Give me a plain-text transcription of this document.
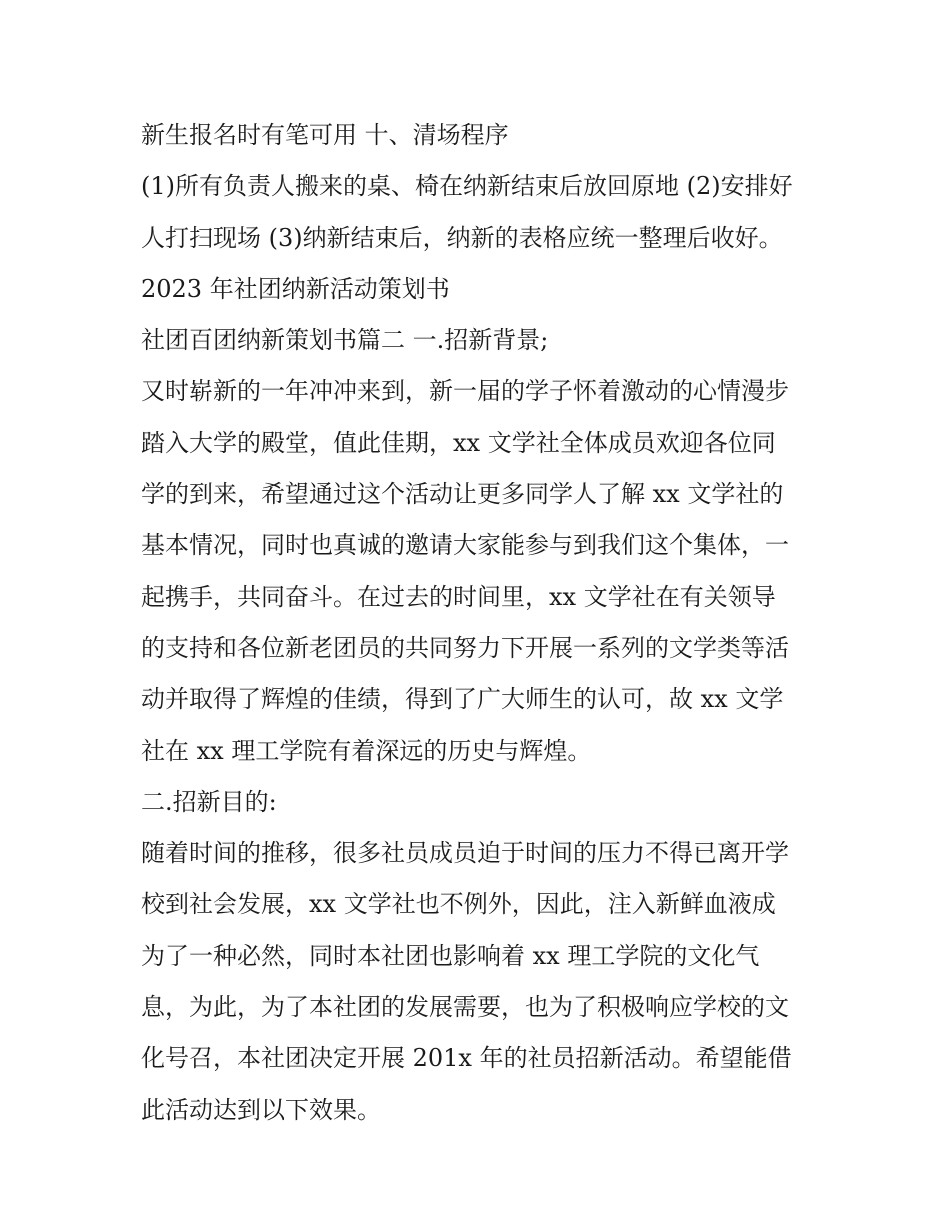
新生报名时有笔可用 十、清场程序
(1)所有负责人搬来的桌、椅在纳新结束后放回原地 (2)安排好
人打扫现场 (3)纳新结束后，纳新的表格应统一整理后收好。
2023 年社团纳新活动策划书
社团百团纳新策划书篇二 一.招新背景;
又时崭新的一年冲冲来到，新一届的学子怀着激动的心情漫步
踏入大学的殿堂，值此佳期，xx 文学社全体成员欢迎各位同
学的到来，希望通过这个活动让更多同学人了解 xx 文学社的
基本情况，同时也真诚的邀请大家能参与到我们这个集体，一
起携手，共同奋斗。在过去的时间里，xx 文学社在有关领导
的支持和各位新老团员的共同努力下开展一系列的文学类等活
动并取得了辉煌的佳绩，得到了广大师生的认可，故 xx 文学
社在 xx 理工学院有着深远的历史与辉煌。
二.招新目的:
随着时间的推移，很多社员成员迫于时间的压力不得已离开学
校到社会发展，xx 文学社也不例外，因此，注入新鲜血液成
为了一种必然，同时本社团也影响着 xx 理工学院的文化气
息，为此，为了本社团的发展需要，也为了积极响应学校的文
化号召，本社团决定开展 201x 年的社员招新活动。希望能借
此活动达到以下效果。
